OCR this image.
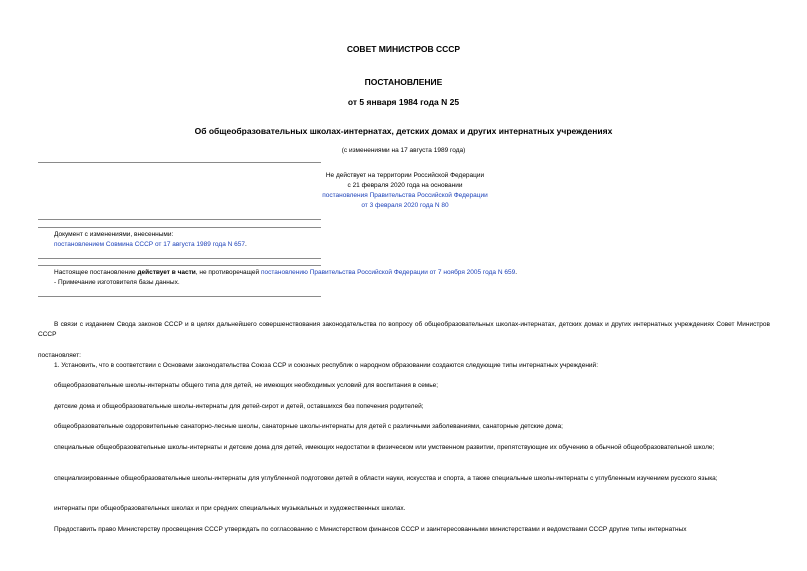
СОВЕТ МИНИСТРОВ СССР
ПОСТАНОВЛЕНИЕ
от 5 января 1984 года N 25
Об общеобразовательных школах-интернатах, детских домах и других интернатных учреждениях
(с изменениями на 17 августа 1989 года)
Не действует на территории Российской Федерации
с 21 февраля 2020 года на основании
постановления Правительства Российской Федерации
от 3 февраля 2020 года N 80
Документ с изменениями, внесенными:
постановлением Совмина СССР от 17 августа 1989 года N 657.
Настоящее постановление действует в части, не противоречащей постановлению Правительства Российской Федерации от 7 ноября 2005 года N 659.
- Примечание изготовителя базы данных.
В связи с изданием Свода законов СССР и в целях дальнейшего совершенствования законодательства по вопросу об общеобразовательных школах-интернатах, детских домах и других интернатных учреждениях Совет Министров СССР
постановляет:
1. Установить, что в соответствии с Основами законодательства Союза ССР и союзных республик о народном образовании создаются следующие типы интернатных учреждений:
общеобразовательные школы-интернаты общего типа для детей, не имеющих необходимых условий для воспитания в семье;
детские дома и общеобразовательные школы-интернаты для детей-сирот и детей, оставшихся без попечения родителей;
общеобразовательные оздоровительные санаторно-лесные школы, санаторные школы-интернаты для детей с различными заболеваниями, санаторные детские дома;
специальные общеобразовательные школы-интернаты и детские дома для детей, имеющих недостатки в физическом или умственном развитии, препятствующие их обучению в обычной общеобразовательной школе;
специализированные общеобразовательные школы-интернаты для углубленной подготовки детей в области науки, искусства и спорта, а также специальные школы-интернаты с углубленным изучением русского языка;
интернаты при общеобразовательных школах и при средних специальных музыкальных и художественных школах.
Предоставить право Министерству просвещения СССР утверждать по согласованию с Министерством финансов СССР и заинтересованными министерствами и ведомствами СССР другие типы интернатных
